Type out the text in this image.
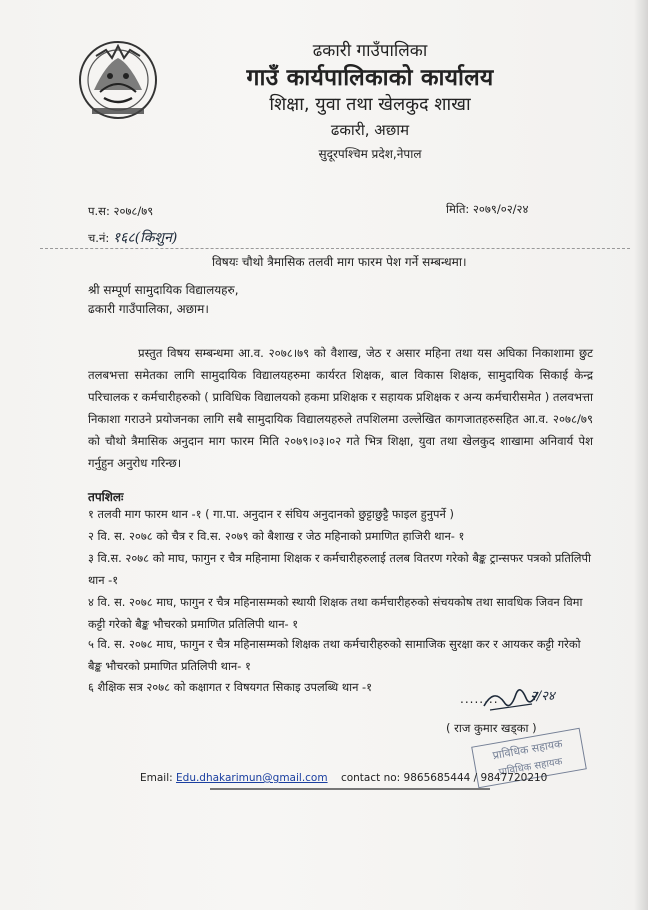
ढकारी गाउँपालिका
गाउँ कार्यपालिकाको कार्यालय
शिक्षा, युवा तथा खेलकुद शाखा
ढकारी, अछाम
सुदूरपश्चिम प्रदेश,नेपाल
प.स: २०७८/७९	मिति: २०७९/०२/२४
च.नं: १६८(किशुन)
विषयः चौथो त्रैमासिक तलवी माग फारम पेश गर्ने सम्बन्धमा।
श्री सम्पूर्ण सामुदायिक विद्यालयहरु,
ढकारी गाउँपालिका, अछाम।
प्रस्तुत विषय सम्बन्धमा आ.व. २०७८।७९ को वैशाख, जेठ र असार महिना तथा यस अघिका निकाशामा छुट तलबभत्ता समेतका लागि सामुदायिक विद्यालयहरुमा कार्यरत शिक्षक, बाल विकास शिक्षक, सामुदायिक सिकाई केन्द्र परिचालक र कर्मचारीहरुको ( प्राविधिक विद्यालयको हकमा प्रशिक्षक र सहायक प्रशिक्षक र अन्य कर्मचारीसमेत ) तलवभत्ता निकाशा गराउने प्रयोजनका लागि सबै सामुदायिक विद्यालयहरुले तपशिलमा उल्लेखित कागजातहरुसहित आ.व. २०७८/७९ को चौथो त्रैमासिक अनुदान माग फारम मिति २०७९।०३।०२ गते भित्र शिक्षा, युवा तथा खेलकुद शाखामा अनिवार्य पेश गर्नुहुन अनुरोध गरिन्छ।
तपशिलः
१ तलवी माग फारम थान -१ ( गा.पा. अनुदान र संघिय अनुदानको छुट्टाछुट्टै फाइल हुनुपर्ने )
२ वि. स. २०७८ को चैत्र र वि.स. २०७९ को बैशाख र जेठ महिनाको प्रमाणित हाजिरी थान- १
३ वि.स. २०७८ को माघ, फागुन र चैत्र महिनामा शिक्षक र कर्मचारीहरुलाई तलब वितरण गरेको बैङ्क ट्रान्सफर पत्रको प्रतिलिपी थान -१
४ वि. स. २०७८ माघ, फागुन र चैत्र महिनासम्मको स्थायी शिक्षक तथा कर्मचारीहरुको संचयकोष तथा सावधिक जिवन विमा कट्टी गरेको बैङ्क भौचरको प्रमाणित प्रतिलिपी थान- १
५ वि. स. २०७८ माघ, फागुन र चैत्र महिनासम्मको शिक्षक तथा कर्मचारीहरुको सामाजिक सुरक्षा कर र आयकर कट्टी गरेको बैङ्क भौचरको प्रमाणित प्रतिलिपी थान- १
६ शैक्षिक सत्र २०७८ को कक्षागत र विषयगत सिकाइ उपलब्धि थान -१
........ २/२४
( राज कुमार खड्का )
प्राविधिक सहायक
प्राविधिक सहायक
Email: Edu.dhakarimun@gmail.com contact no: 9865685444 / 9847720210
